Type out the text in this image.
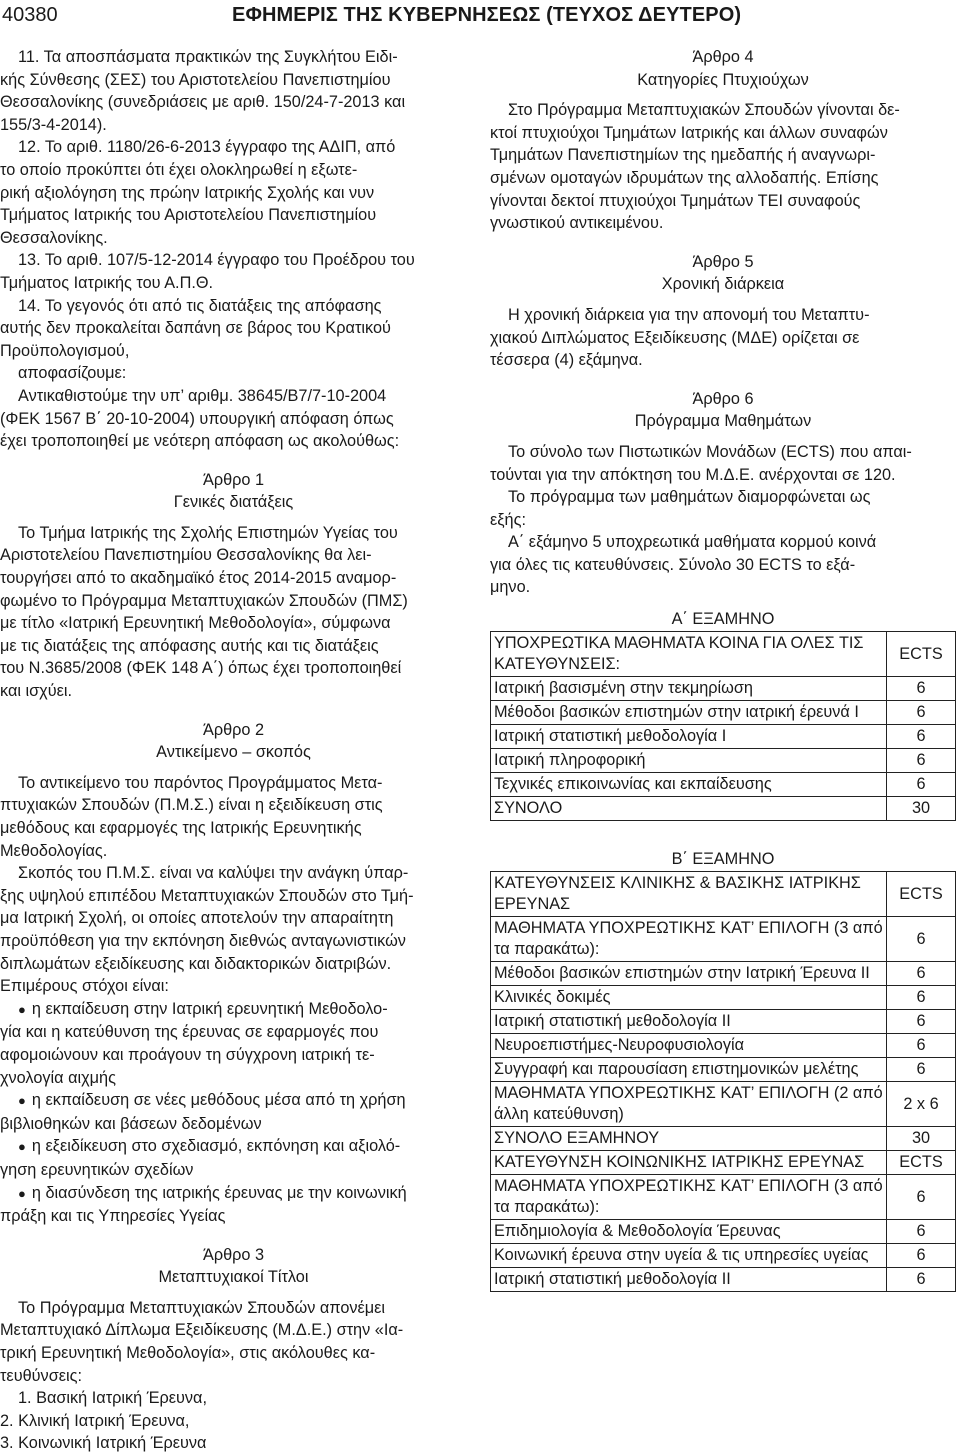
40380	ΕΦΗΜΕΡΙΣ ΤΗΣ ΚΥΒΕΡΝΗΣΕΩΣ (ΤΕΥΧΟΣ ΔΕΥΤΕΡΟ)
11. Τα αποσπάσματα πρακτικών της Συγκλήτου Ειδι-
κής Σύνθεσης (ΣΕΣ) του Αριστοτελείου Πανεπιστημίου
Θεσσαλονίκης (συνεδριάσεις με αριθ. 150/24-7-2013 και
155/3-4-2014).
12. Το αριθ. 1180/26-6-2013 έγγραφο της ΑΔΙΠ, από
το οποίο προκύπτει ότι έχει ολοκληρωθεί η εξωτε-
ρική αξιολόγηση της πρώην Ιατρικής Σχολής και νυν
Τμήματος Ιατρικής του Αριστοτελείου Πανεπιστημίου
Θεσσαλονίκης.
13. Το αριθ. 107/5-12-2014 έγγραφο του Προέδρου του
Τμήματος Ιατρικής του Α.Π.Θ.
14. Το γεγονός ότι από τις διατάξεις της απόφασης
αυτής δεν προκαλείται δαπάνη σε βάρος του Κρατικού
Προϋπολογισμού,

αποφασίζουμε:

Αντικαθιστούμε την υπ’ αριθμ. 38645/Β7/7-10-2004
(ΦΕΚ 1567 Β΄ 20-10-2004) υπουργική απόφαση όπως
έχει τροποποιηθεί με νεότερη απόφαση ως ακολούθως:

Άρθρο 1

Γενικές διατάξεις

Το Τμήμα Ιατρικής της Σχολής Επιστημών Υγείας του
Αριστοτελείου Πανεπιστημίου Θεσσαλονίκης θα λει-
τουργήσει από το ακαδημαϊκό έτος 2014-2015 αναμορ-
φωμένο το Πρόγραμμα Μεταπτυχιακών Σπουδών (ΠΜΣ)
με τίτλο «Ιατρική Ερευνητική Μεθοδολογία», σύμφωνα
με τις διατάξεις της απόφασης αυτής και τις διατάξεις
του Ν.3685/2008 (ΦΕΚ 148 Α΄) όπως έχει τροποποιηθεί
και ισχύει.

Άρθρο 2

Αντικείμενο – σκοπός

Το αντικείμενο του παρόντος Προγράμματος Μετα-
πτυχιακών Σπουδών (Π.Μ.Σ.) είναι η εξειδίκευση στις
μεθόδους και εφαρμογές της Ιατρικής Ερευνητικής
Μεθοδολογίας.
Σκοπός του Π.Μ.Σ. είναι να καλύψει την ανάγκη ύπαρ-
ξης υψηλού επιπέδου Μεταπτυχιακών Σπουδών στο Τμή-
μα Ιατρική Σχολή, οι οποίες αποτελούν την απαραίτητη
προϋπόθεση για την εκπόνηση διεθνώς ανταγωνιστικών
διπλωμάτων εξειδίκευσης και διδακτορικών διατριβών.

Επιμέρους στόχοι είναι:

● η εκπαίδευση στην Ιατρική ερευνητική Μεθοδολο-
γία και η κατεύθυνση της έρευνας σε εφαρμογές που
αφομοιώνουν και προάγουν τη σύγχρονη ιατρική τε-
χνολογία αιχμής
● η εκπαίδευση σε νέες μεθόδους μέσα από τη χρήση
βιβλιοθηκών και βάσεων δεδομένων
● η εξειδίκευση στο σχεδιασμό, εκπόνηση και αξιολό-
γηση ερευνητικών σχεδίων
● η διασύνδεση της ιατρικής έρευνας με την κοινωνική
πράξη και τις Υπηρεσίες Υγείας

Άρθρο 3

Μεταπτυχιακοί Τίτλοι

Το Πρόγραμμα Μεταπτυχιακών Σπουδών απονέμει
Μεταπτυχιακό Δίπλωμα Εξειδίκευσης (Μ.Δ.Ε.) στην «Ια-
τρική Ερευνητική Μεθοδολογία», στις ακόλουθες κα-
τευθύνσεις:
1. Βασική Ιατρική Έρευνα,
2. Κλινική Ιατρική Έρευνα,
3. Κοινωνική Ιατρική Έρευνα

Άρθρο 4

Κατηγορίες Πτυχιούχων

Στο Πρόγραμμα Μεταπτυχιακών Σπουδών γίνονται δε-
κτοί πτυχιούχοι Τμημάτων Ιατρικής και άλλων συναφών
Τμημάτων Πανεπιστημίων της ημεδαπής ή αναγνωρι-
σμένων ομοταγών ιδρυμάτων της αλλοδαπής. Επίσης
γίνονται δεκτοί πτυχιούχοι Τμημάτων ΤΕΙ συναφούς
γνωστικού αντικειμένου.

Άρθρο 5

Χρονική διάρκεια

Η χρονική διάρκεια για την απονομή του Μεταπτυ-
χιακού Διπλώματος Εξειδίκευσης (ΜΔΕ) ορίζεται σε
τέσσερα (4) εξάμηνα.

Άρθρο 6

Πρόγραμμα Μαθημάτων

Το σύνολο των Πιστωτικών Μονάδων (ECTS) που απαι-
τούνται για την απόκτηση του Μ.Δ.Ε. ανέρχονται σε 120.
Το πρόγραμμα των μαθημάτων διαμορφώνεται ως
εξής:
Α΄ εξάμηνο 5 υποχρεωτικά μαθήματα κορμού κοινά
για όλες τις κατευθύνσεις. Σύνολο 30 ECTS το εξά-
μηνο.

Α΄ ΕΞΑΜΗΝΟ

ΥΠΟΧΡΕΩΤΙΚΑ ΜΑΘΗΜΑΤΑ ΚΟΙΝΑ ΓΙΑ ΟΛΕΣ ΤΙΣ ΚΑΤΕΥΘΥΝΣΕΙΣ:	ECTS
Ιατρική βασισμένη στην τεκμηρίωση	6
Μέθοδοι βασικών επιστημών στην ιατρική έρευνά Ι	6
Ιατρική στατιστική μεθοδολογία Ι	6
Ιατρική πληροφορική	6
Τεχνικές επικοινωνίας και εκπαίδευσης	6
ΣΥΝΟΛΟ	30

Β΄ ΕΞΑΜΗΝΟ

ΚΑΤΕΥΘΥΝΣΕΙΣ ΚΛΙΝΙΚΗΣ & ΒΑΣΙΚΗΣ ΙΑΤΡΙΚΗΣ ΕΡΕΥΝΑΣ	ECTS
ΜΑΘΗΜΑΤΑ ΥΠΟΧΡΕΩΤΙΚΗΣ ΚΑΤ’ ΕΠΙΛΟΓΗ (3 από τα παρακάτω):	6
Μέθοδοι βασικών επιστημών στην Ιατρική Έρευνα ΙΙ	6
Κλινικές δοκιμές	6
Ιατρική στατιστική μεθοδολογία ΙΙ	6
Νευροεπιστήμες-Νευροφυσιολογία	6
Συγγραφή και παρουσίαση επιστημονικών μελέτης	6
ΜΑΘΗΜΑΤΑ ΥΠΟΧΡΕΩΤΙΚΗΣ ΚΑΤ’ ΕΠΙΛΟΓΗ (2 από άλλη κατεύθυνση)	2 x 6
ΣΥΝΟΛΟ ΕΞΑΜΗΝΟΥ	30
ΚΑΤΕΥΘΥΝΣΗ ΚΟΙΝΩΝΙΚΗΣ ΙΑΤΡΙΚΗΣ ΕΡΕΥΝΑΣ	ECTS
ΜΑΘΗΜΑΤΑ ΥΠΟΧΡΕΩΤΙΚΗΣ ΚΑΤ’ ΕΠΙΛΟΓΗ (3 από τα παρακάτω):	6
Επιδημιολογία & Μεθοδολογία Έρευνας	6
Κοινωνική έρευνα στην υγεία & τις υπηρεσίες υγείας	6
Ιατρική στατιστική μεθοδολογία ΙΙ	6
